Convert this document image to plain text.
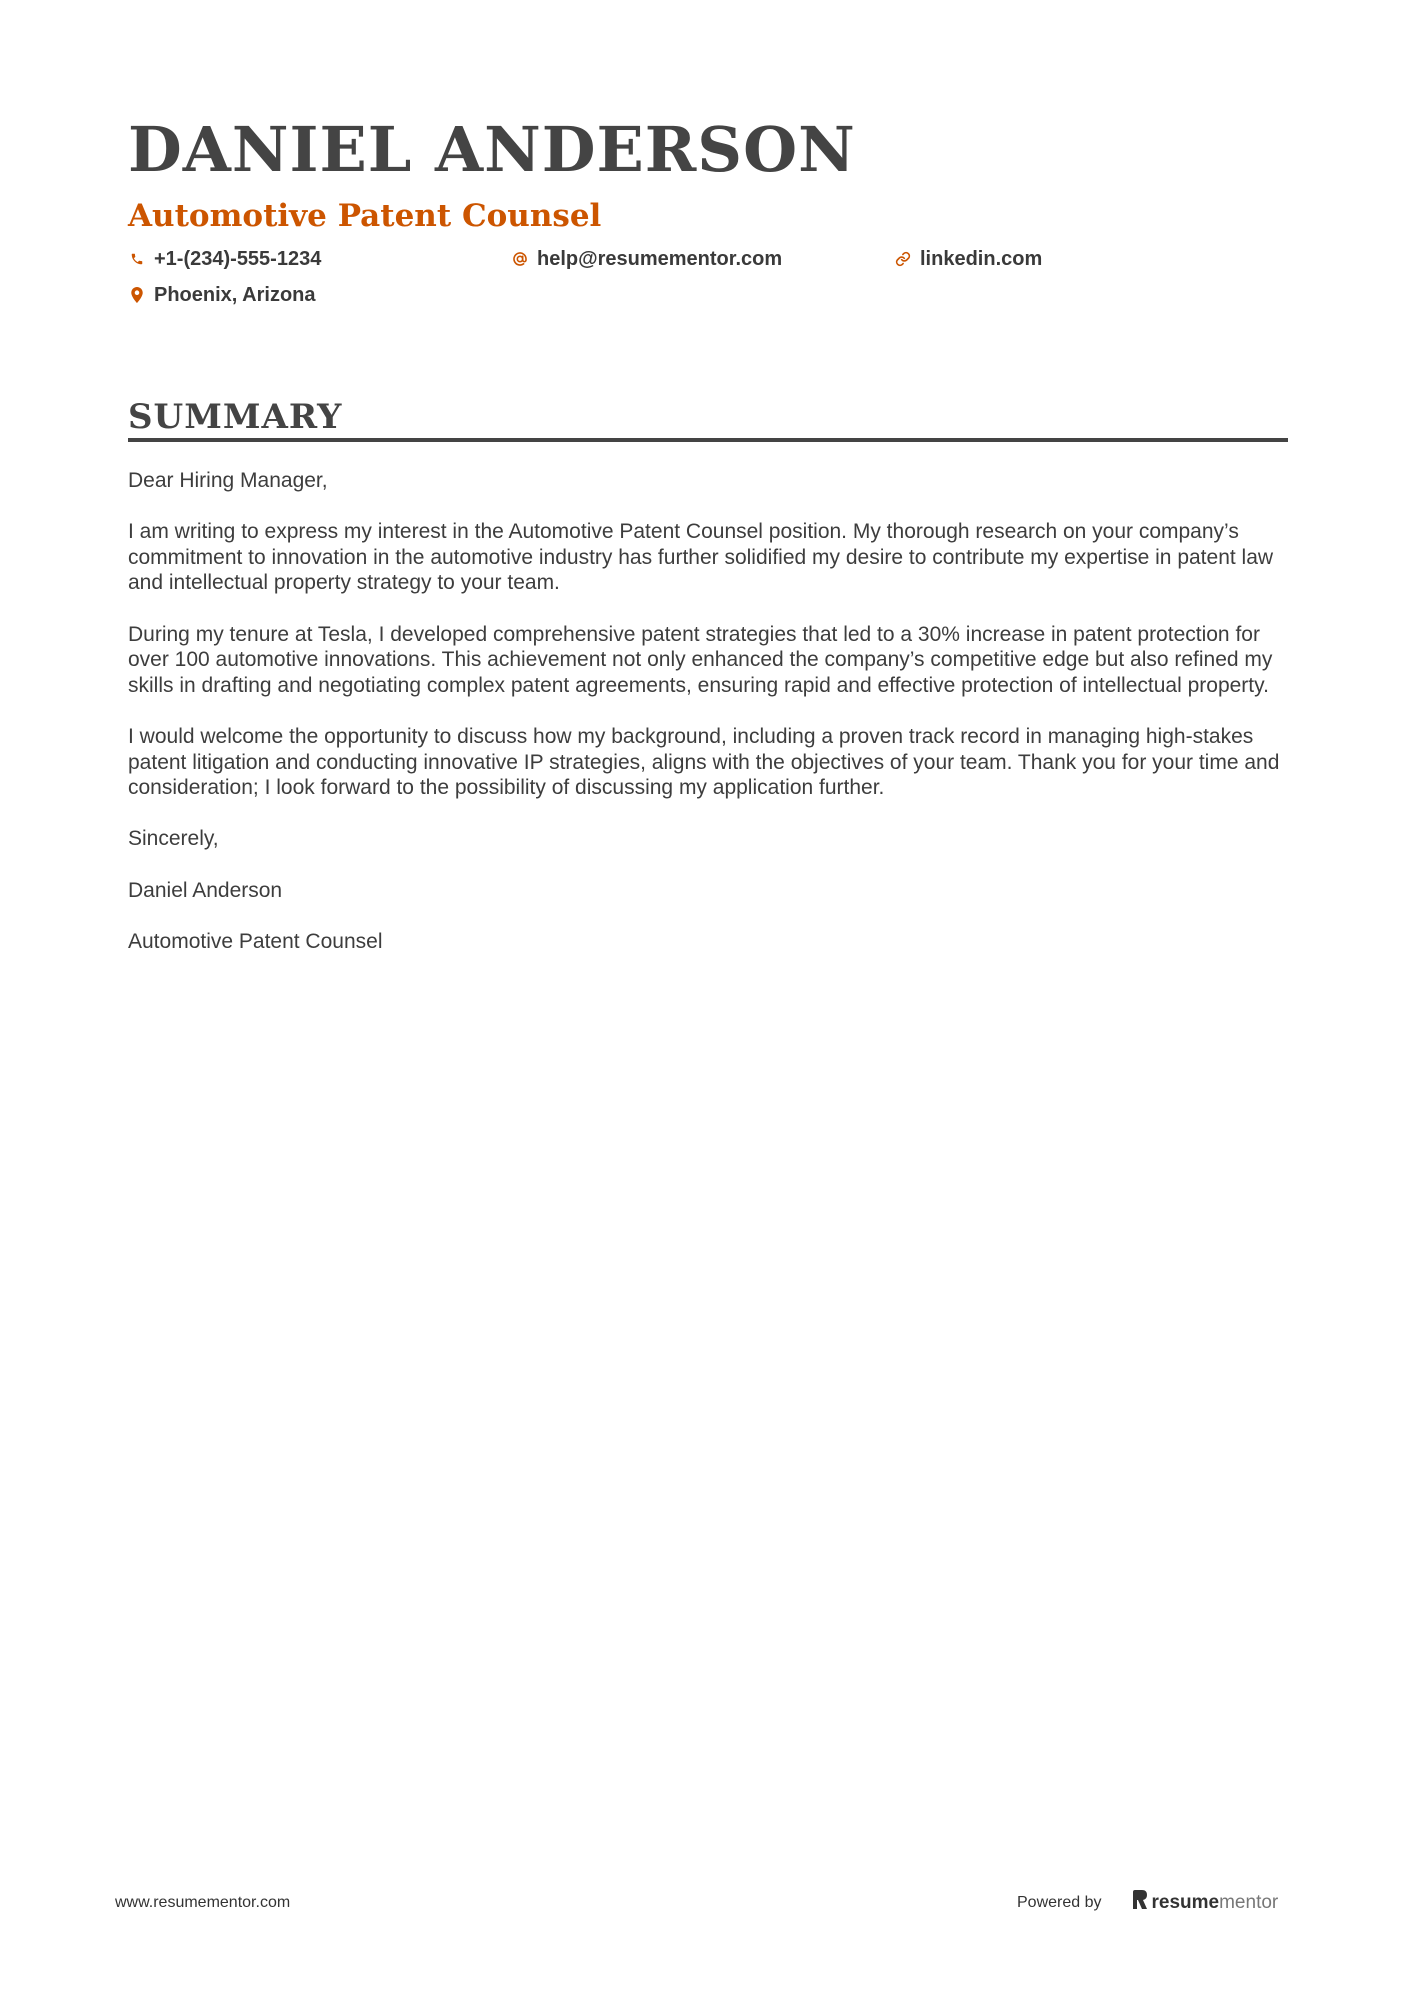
DANIEL ANDERSON
Automotive Patent Counsel
+1-(234)-555-1234	help@resumementor.com	linkedin.com
Phoenix, Arizona
SUMMARY

Dear Hiring Manager,

I am writing to express my interest in the Automotive Patent Counsel position. My thorough research on your company’s commitment to innovation in the automotive industry has further solidified my desire to contribute my expertise in patent law and intellectual property strategy to your team.

During my tenure at Tesla, I developed comprehensive patent strategies that led to a 30% increase in patent protection for over 100 automotive innovations. This achievement not only enhanced the company’s competitive edge but also refined my skills in drafting and negotiating complex patent agreements, ensuring rapid and effective protection of intellectual property.

I would welcome the opportunity to discuss how my background, including a proven track record in managing high-stakes patent litigation and conducting innovative IP strategies, aligns with the objectives of your team. Thank you for your time and consideration; I look forward to the possibility of discussing my application further.

Sincerely,

Daniel Anderson

Automotive Patent Counsel

www.resumementor.com	Powered by	resume mentor
